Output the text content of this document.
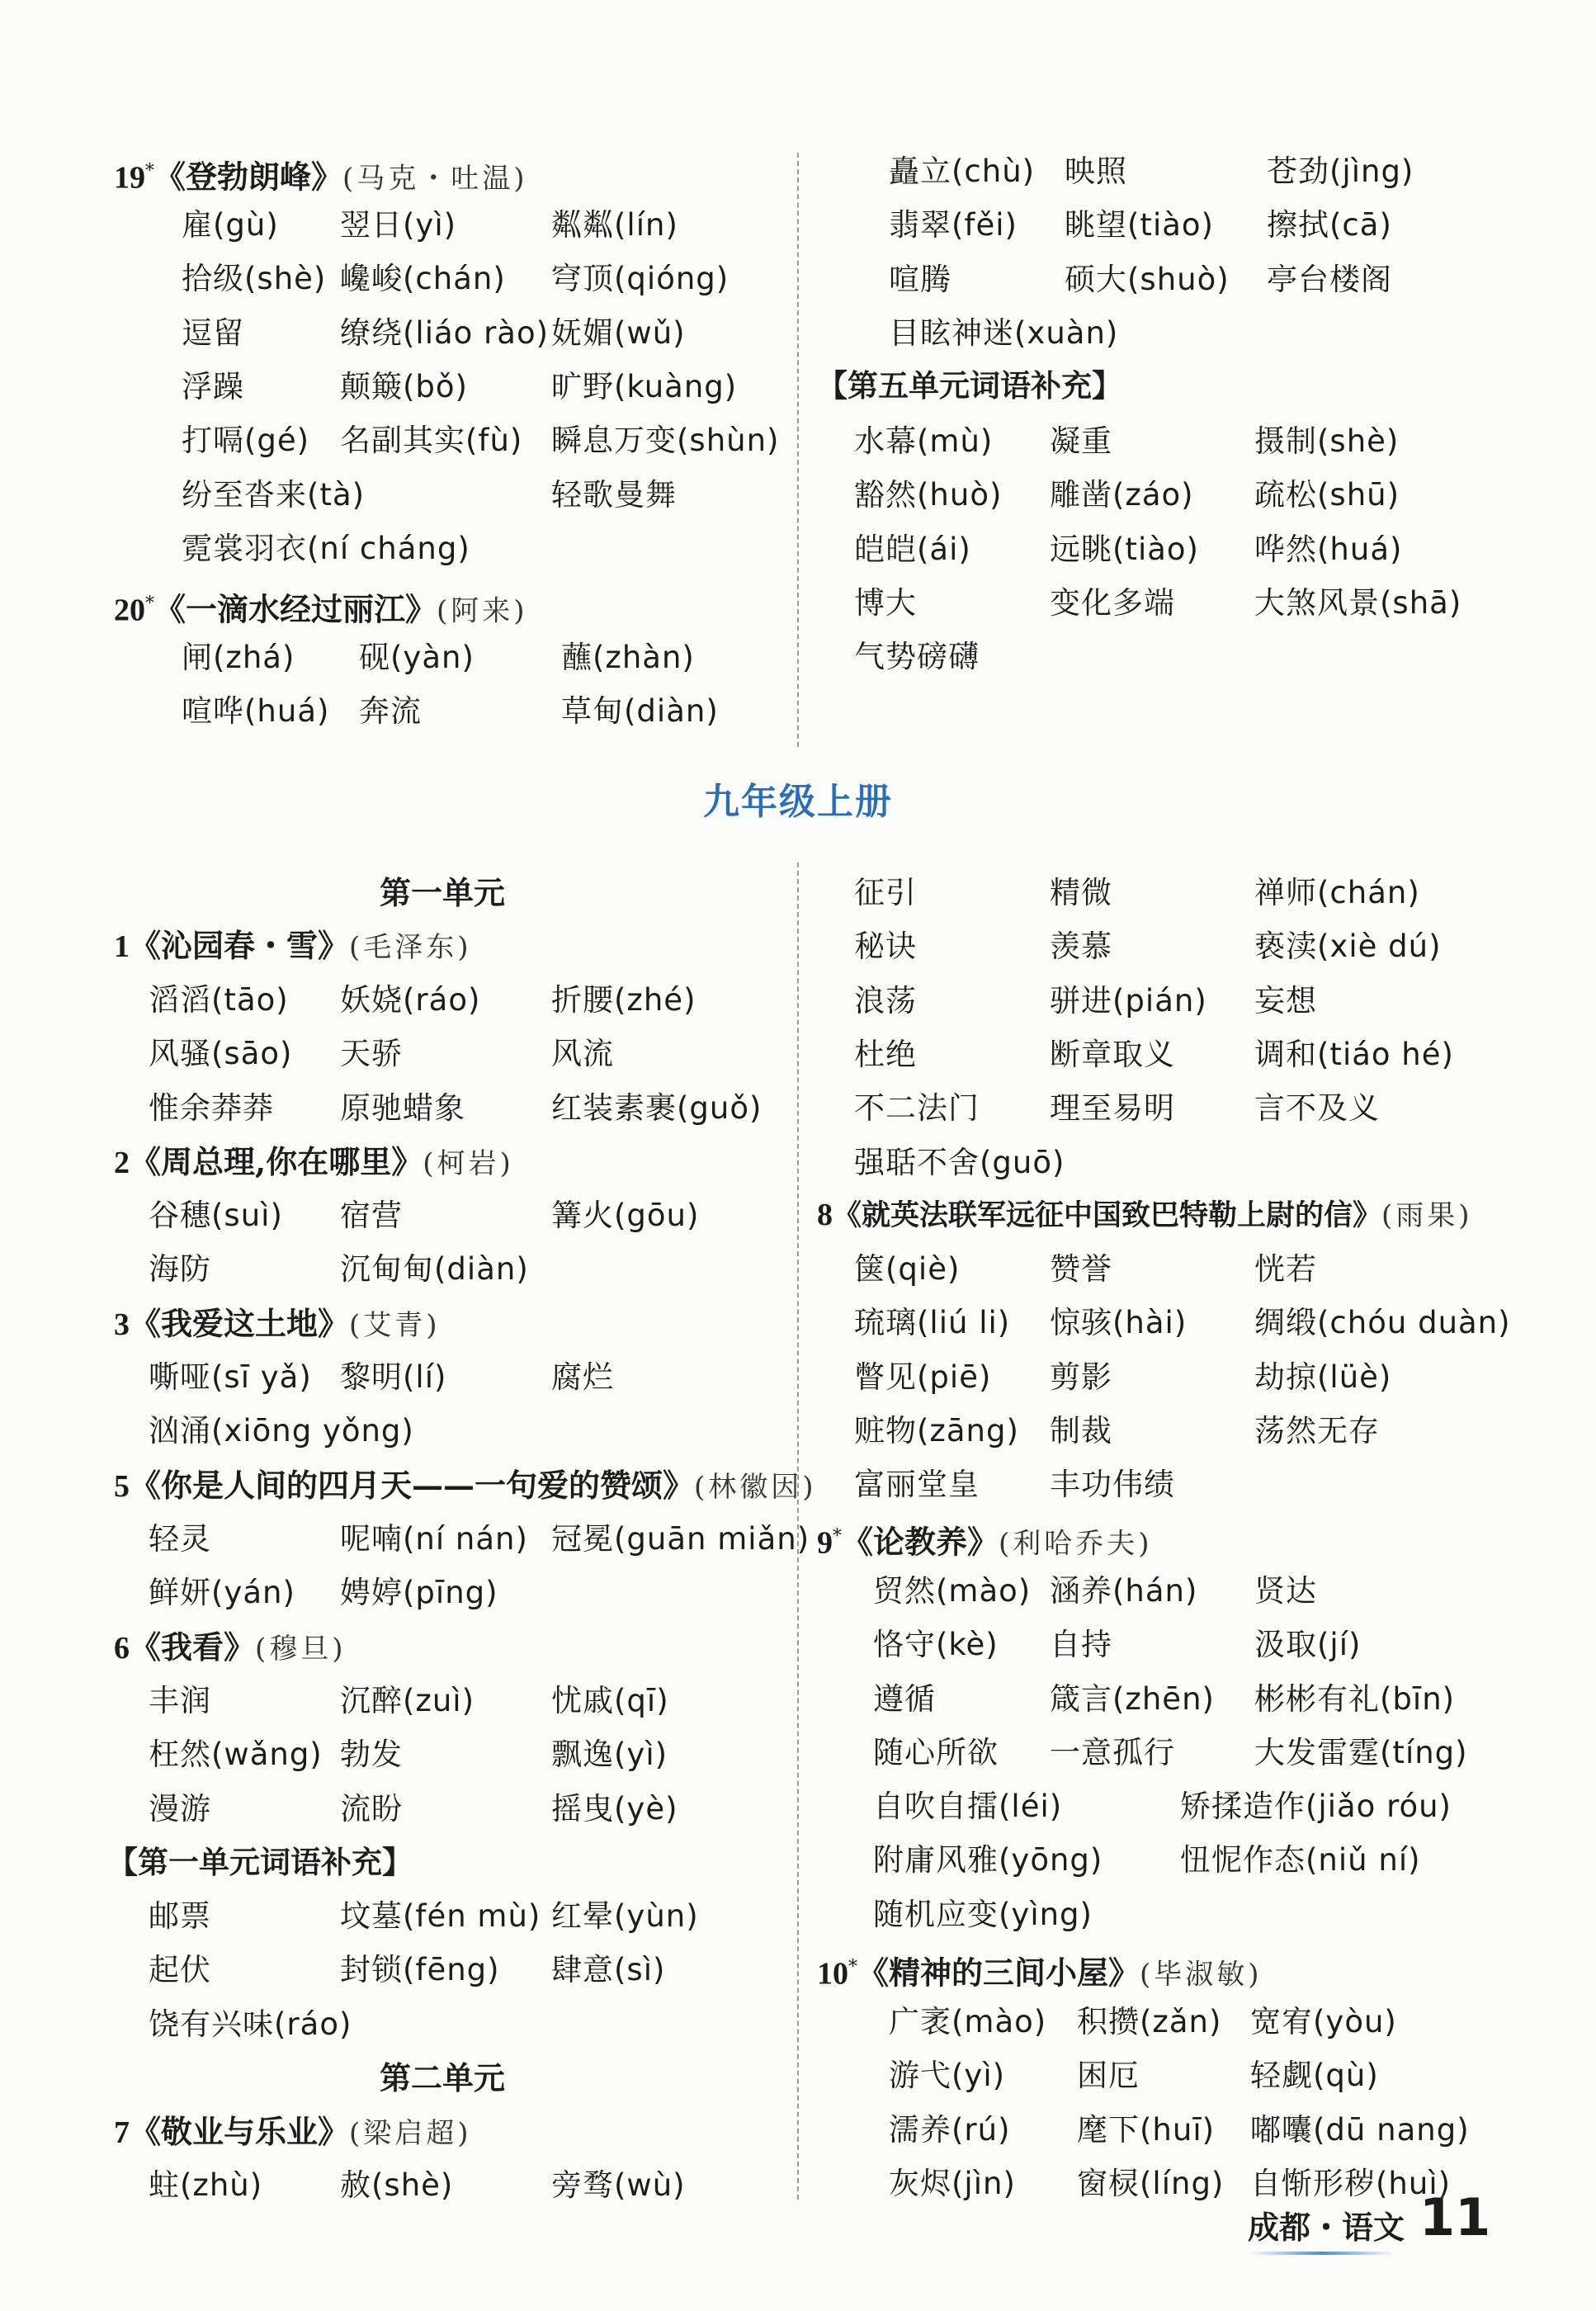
19*《登勃朗峰》(马克・吐温)
雇(gù) 翌日(yì)	粼粼(lín)
拾级(shè) 巉峻(chán) 穹顶(qióng)
逗留	缭绕(liáo rào) 妩媚(wǔ)
浮躁	颠簸(bǒ)	旷野(kuàng)
打嗝(gé) 名副其实(fù) 瞬息万变(shùn)
纷至沓来(tà)	轻歌曼舞
霓裳羽衣(ní cháng)
20*《一滴水经过丽江》(阿来)
闸(zhá) 砚(yàn)	蘸(zhàn)
喧哗(huá) 奔流	草甸(diàn)
矗立(chù) 映照	苍劲(jìng)
翡翠(fěi) 眺望(tiào) 擦拭(cā)
喧腾	硕大(shuò) 亭台楼阁
目眩神迷(xuàn)
【第五单元词语补充】
水幕(mù) 凝重	摄制(shè)
豁然(huò) 雕凿(záo) 疏松(shū)
皑皑(ái)	远眺(tiào) 哗然(huá)
博大	变化多端	大煞风景(shā)
气势磅礴
九年级上册
第一单元
1《沁园春・雪》(毛泽东)
滔滔(tāo) 妖娆(ráo) 折腰(zhé)
风骚(sāo) 天骄	风流
惟余莽莽 原驰蜡象	红装素裹(guǒ)
2《周总理,你在哪里》(柯岩)
谷穗(suì) 宿营	篝火(gōu)
海防	沉甸甸(diàn)
3《我爱这土地》(艾青)
嘶哑(sī yǎ) 黎明(lí)	腐烂
汹涌(xiōng yǒng)
5《你是人间的四月天——一句爱的赞颂》(林徽因)
轻灵	呢喃(ní nán) 冠冕(guān miǎn)
鲜妍(yán) 娉婷(pīng)
6《我看》(穆旦)
丰润	沉醉(zuì)	忧戚(qī)
枉然(wǎng) 勃发	飘逸(yì)
漫游	流盼	摇曳(yè)
【第一单元词语补充】
邮票	坟墓(fén mù) 红晕(yùn)
起伏	封锁(fēng) 肆意(sì)
饶有兴味(ráo)
第二单元
7《敬业与乐业》(梁启超)
蛀(zhù)	赦(shè)	旁骛(wù)
征引	精微	禅师(chán)
秘诀	羡慕	亵渎(xiè dú)
浪荡	骈进(pián) 妄想
杜绝	断章取义	调和(tiáo hé)
不二法门 理至易明	言不及义
强聒不舍(guō)
8《就英法联军远征中国致巴特勒上尉的信》(雨果)
箧(qiè)	赞誉	恍若
琉璃(liú li) 惊骇(hài) 绸缎(chóu duàn)
瞥见(piē) 剪影	劫掠(lüè)
赃物(zāng) 制裁	荡然无存
富丽堂皇 丰功伟绩
9*《论教养》(利哈乔夫)
贸然(mào) 涵养(hán) 贤达
恪守(kè) 自持	汲取(jí)
遵循	箴言(zhēn) 彬彬有礼(bīn)
随心所欲 一意孤行	大发雷霆(tíng)
自吹自擂(léi)	矫揉造作(jiǎo róu)
附庸风雅(yōng)	忸怩作态(niǔ ní)
随机应变(yìng)
10*《精神的三间小屋》(毕淑敏)
广袤(mào) 积攒(zǎn) 宽宥(yòu)
游弋(yì) 困厄	轻觑(qù)
濡养(rú) 麾下(huī) 嘟囔(dū nang)
灰烬(jìn) 窗棂(líng) 自惭形秽(huì)
成都・语文 11
